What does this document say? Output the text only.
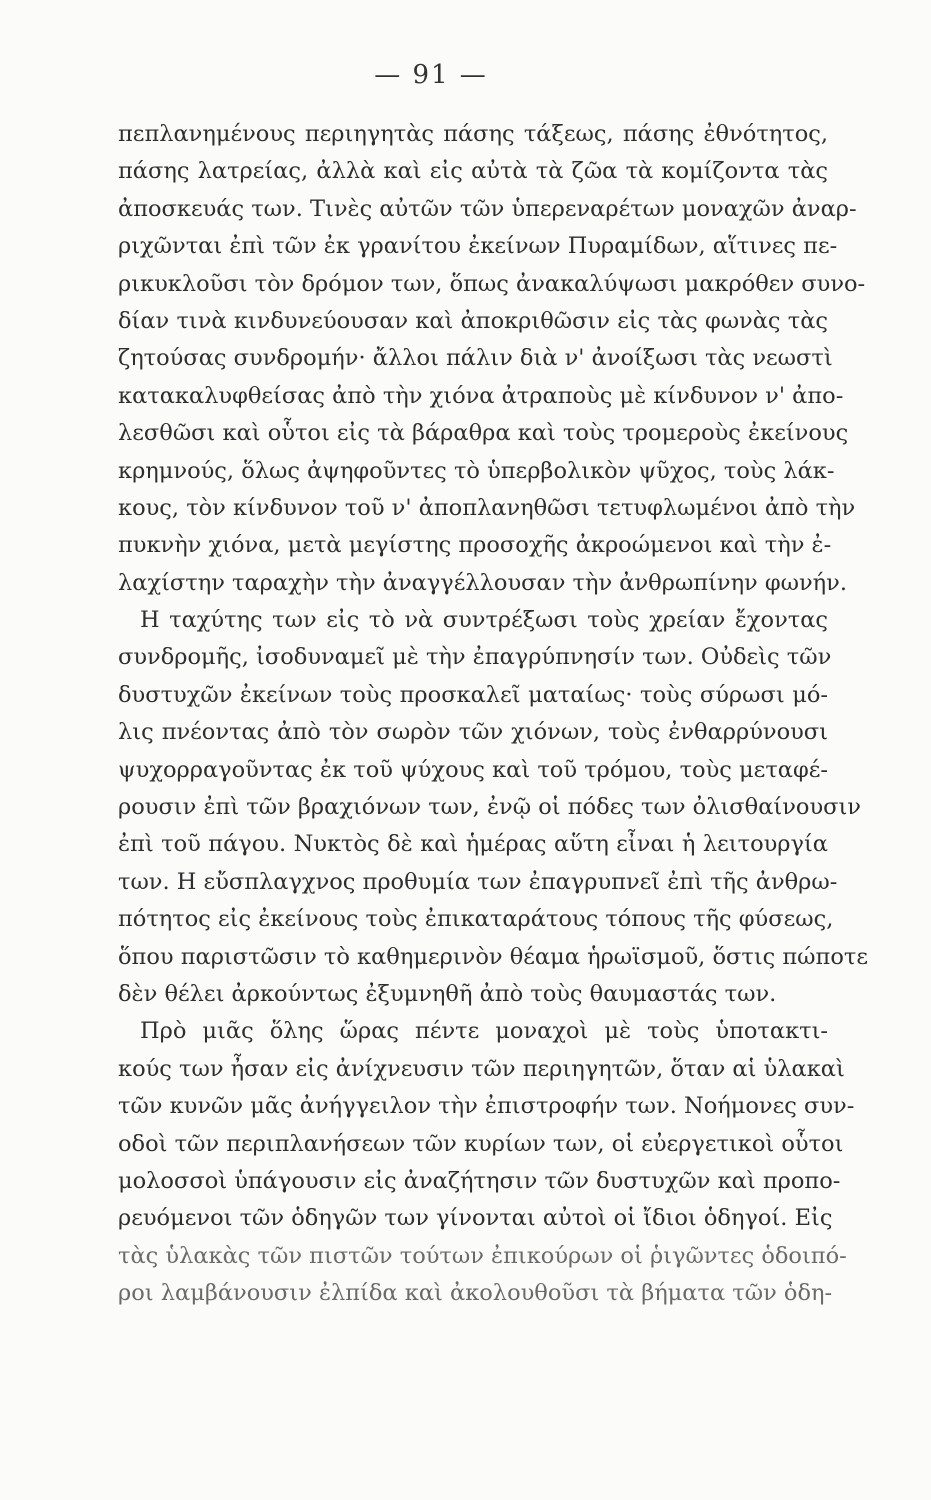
— 91 —
πεπλανημένους περιηγητὰς πάσης τάξεως, πάσης ἐθνότητος,
πάσης λατρείας, ἀλλὰ καὶ εἰς αὐτὰ τὰ ζῶα τὰ κομίζοντα τὰς
ἀποσκευάς των. Τινὲς αὐτῶν τῶν ὑπερεναρέτων μοναχῶν ἀναρ-
ριχῶνται ἐπὶ τῶν ἐκ γρανίτου ἐκείνων Πυραμίδων, αἵτινες πε-
ρικυκλοῦσι τὸν δρόμον των, ὅπως ἀνακαλύψωσι μακρόθεν συνο-
δίαν τινὰ κινδυνεύουσαν καὶ ἀποκριθῶσιν εἰς τὰς φωνὰς τὰς
ζητούσας συνδρομήν· ἄλλοι πάλιν διὰ ν' ἀνοίξωσι τὰς νεωστὶ
κατακαλυφθείσας ἀπὸ τὴν χιόνα ἀτραποὺς μὲ κίνδυνον ν' ἀπο-
λεσθῶσι καὶ οὗτοι εἰς τὰ βάραθρα καὶ τοὺς τρομεροὺς ἐκείνους
κρημνούς, ὅλως ἀψηφοῦντες τὸ ὑπερβολικὸν ψῦχος, τοὺς λάκ-
κους, τὸν κίνδυνον τοῦ ν' ἀποπλανηθῶσι τετυφλωμένοι ἀπὸ τὴν
πυκνὴν χιόνα, μετὰ μεγίστης προσοχῆς ἀκροώμενοι καὶ τὴν ἐ-
λαχίστην ταραχὴν τὴν ἀναγγέλλουσαν τὴν ἀνθρωπίνην φωνήν.
Η ταχύτης των εἰς τὸ νὰ συντρέξωσι τοὺς χρείαν ἔχοντας
συνδρομῆς, ἰσοδυναμεῖ μὲ τὴν ἐπαγρύπνησίν των. Οὐδεὶς τῶν
δυστυχῶν ἐκείνων τοὺς προσκαλεῖ ματαίως· τοὺς σύρωσι μό-
λις πνέοντας ἀπὸ τὸν σωρὸν τῶν χιόνων, τοὺς ἐνθαρρύνουσι
ψυχορραγοῦντας ἐκ τοῦ ψύχους καὶ τοῦ τρόμου, τοὺς μεταφέ-
ρουσιν ἐπὶ τῶν βραχιόνων των, ἐνῷ οἱ πόδες των ὀλισθαίνουσιν
ἐπὶ τοῦ πάγου. Νυκτὸς δὲ καὶ ἡμέρας αὕτη εἶναι ἡ λειτουργία
των. Η εὔσπλαγχνος προθυμία των ἐπαγρυπνεῖ ἐπὶ τῆς ἀνθρω-
πότητος εἰς ἐκείνους τοὺς ἐπικαταράτους τόπους τῆς φύσεως,
ὅπου παριστῶσιν τὸ καθημερινὸν θέαμα ἡρωϊσμοῦ, ὅστις πώποτε
δὲν θέλει ἀρκούντως ἐξυμνηθῆ ἀπὸ τοὺς θαυμαστάς των.
Πρὸ μιᾶς ὅλης ὥρας πέντε μοναχοὶ μὲ τοὺς ὑποτακτι-
κούς των ἦσαν εἰς ἀνίχνευσιν τῶν περιηγητῶν, ὅταν αἱ ὑλακαὶ
τῶν κυνῶν μᾶς ἀνήγγειλον τὴν ἐπιστροφήν των. Νοήμονες συν-
οδοὶ τῶν περιπλανήσεων τῶν κυρίων των, οἱ εὐεργετικοὶ οὗτοι
μολοσσοὶ ὑπάγουσιν εἰς ἀναζήτησιν τῶν δυστυχῶν καὶ προπο-
ρευόμενοι τῶν ὁδηγῶν των γίνονται αὐτοὶ οἱ ἴδιοι ὁδηγοί. Εἰς
τὰς ὑλακὰς τῶν πιστῶν τούτων ἐπικούρων οἱ ῥιγῶντες ὁδοιπό-
ροι λαμβάνουσιν ἐλπίδα καὶ ἀκολουθοῦσι τὰ βήματα τῶν ὁδη-
